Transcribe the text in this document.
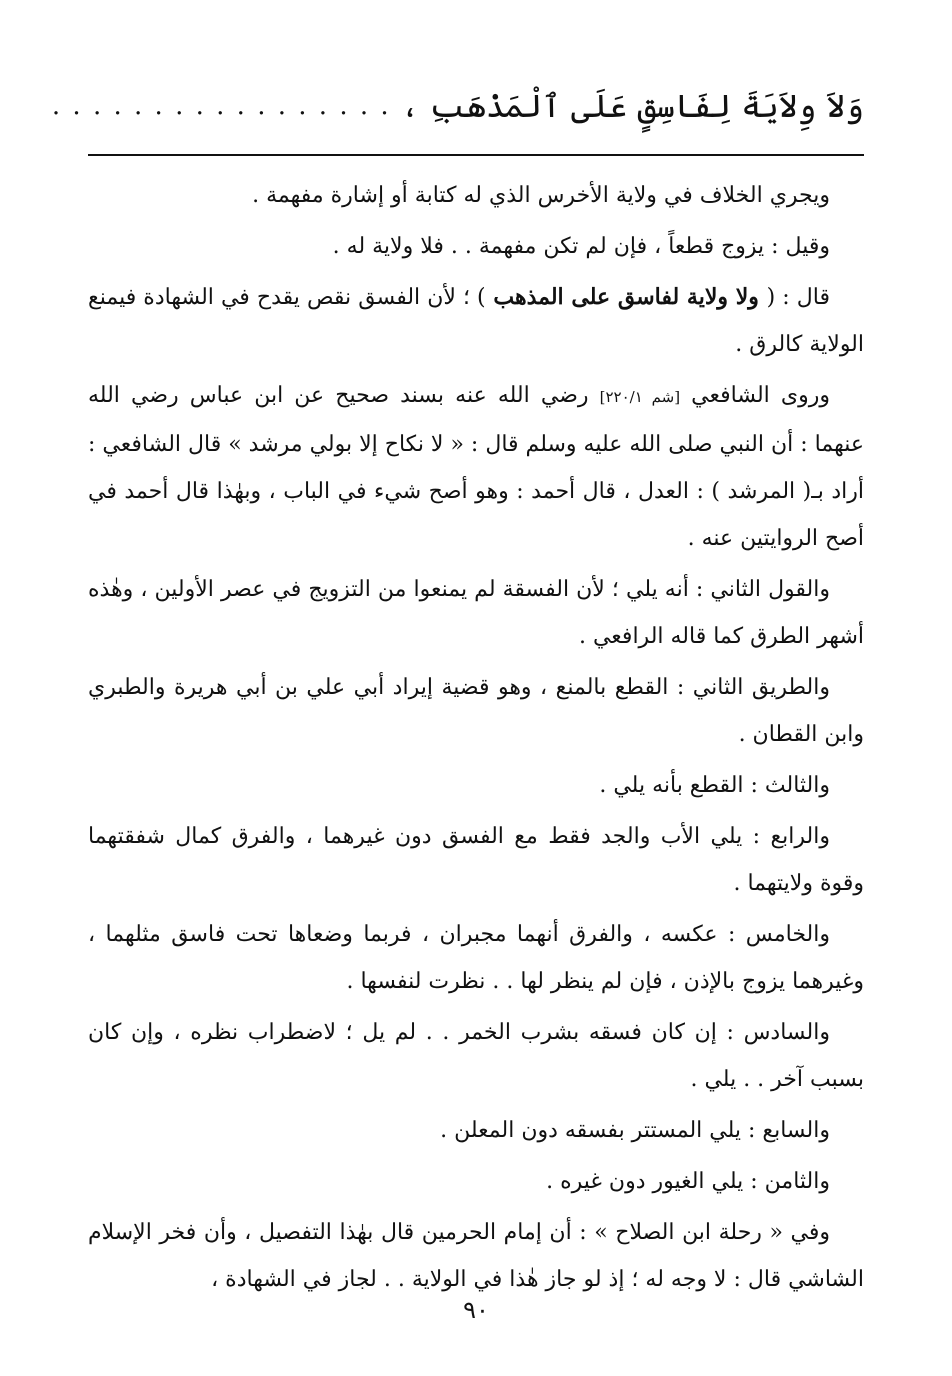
وَلاَ وِلاَيَةَ لِفَاسِقٍ عَلَى ٱلْمَذْهَبِ ،
. . . . . . . . . . . . . . . . .

ويجري الخلاف في ولاية الأخرس الذي له كتابة أو إشارة مفهمة .

وقيل : يزوج قطعاً ، فإن لم تكن مفهمة . . فلا ولاية له .

قال : ( ولا ولاية لفاسق على المذهب ) ؛ لأن الفسق نقص يقدح في الشهادة فيمنع الولاية كالرق .

وروى الشافعي [شم ٢٢٠/١] رضي الله عنه بسند صحيح عن ابن عباس رضي الله عنهما : أن النبي صلى الله عليه وسلم قال : « لا نكاح إلا بولي مرشد » قال الشافعي : أراد بـ( المرشد ) : العدل ، قال أحمد : وهو أصح شيء في الباب ، وبهٰذا قال أحمد في أصح الروايتين عنه .

والقول الثاني : أنه يلي ؛ لأن الفسقة لم يمنعوا من التزويج في عصر الأولين ، وهٰذه أشهر الطرق كما قاله الرافعي .

والطريق الثاني : القطع بالمنع ، وهو قضية إيراد أبي علي بن أبي هريرة والطبري وابن القطان .

والثالث : القطع بأنه يلي .

والرابع : يلي الأب والجد فقط مع الفسق دون غيرهما ، والفرق كمال شفقتهما وقوة ولايتهما .

والخامس : عكسه ، والفرق أنهما مجبران ، فربما وضعاها تحت فاسق مثلهما ، وغيرهما يزوج بالإذن ، فإن لم ينظر لها . . نظرت لنفسها .

والسادس : إن كان فسقه بشرب الخمر . . لم يل ؛ لاضطراب نظره ، وإن كان بسبب آخر . . يلي .

والسابع : يلي المستتر بفسقه دون المعلن .

والثامن : يلي الغيور دون غيره .

وفي « رحلة ابن الصلاح » : أن إمام الحرمين قال بهٰذا التفصيل ، وأن فخر الإسلام الشاشي قال : لا وجه له ؛ إذ لو جاز هٰذا في الولاية . . لجاز في الشهادة ،

٩٠
